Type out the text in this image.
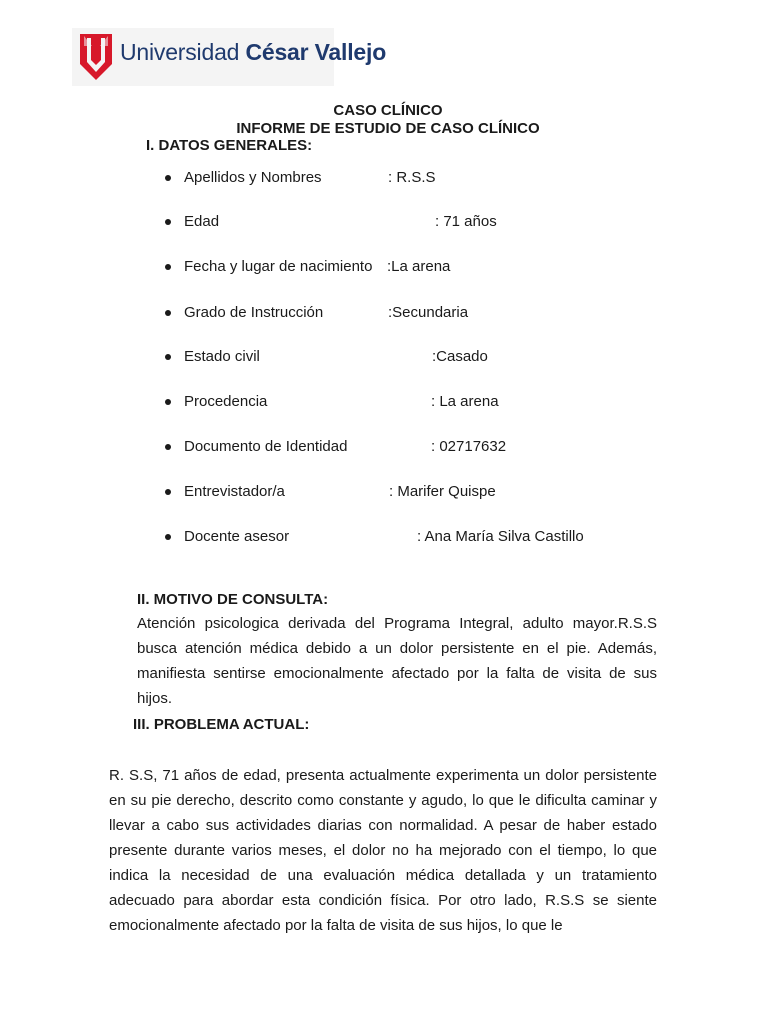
Universidad César Vallejo
CASO CLÍNICO
INFORME DE ESTUDIO DE CASO CLÍNICO
I. DATOS GENERALES:
Apellidos y Nombres	: R.S.S
Edad	: 71 años
Fecha y lugar de nacimiento :La arena
Grado de Instrucción	:Secundaria
Estado civil	:Casado
Procedencia	: La arena
Documento de Identidad	: 02717632
Entrevistador/a	: Marifer Quispe
Docente asesor	: Ana María Silva Castillo
II. MOTIVO DE CONSULTA:
Atención psicologica derivada del Programa Integral, adulto mayor.R.S.S busca atención médica debido a un dolor persistente en el pie. Además, manifiesta sentirse emocionalmente afectado por la falta de visita de sus hijos.
III. PROBLEMA ACTUAL:
R. S.S, 71 años de edad, presenta actualmente experimenta un dolor persistente en su pie derecho, descrito como constante y agudo, lo que le dificulta caminar y llevar a cabo sus actividades diarias con normalidad. A pesar de haber estado presente durante varios meses, el dolor no ha mejorado con el tiempo, lo que indica la necesidad de una evaluación médica detallada y un tratamiento adecuado para abordar esta condición física. Por otro lado, R.S.S se siente emocionalmente afectado por la falta de visita de sus hijos, lo que le
